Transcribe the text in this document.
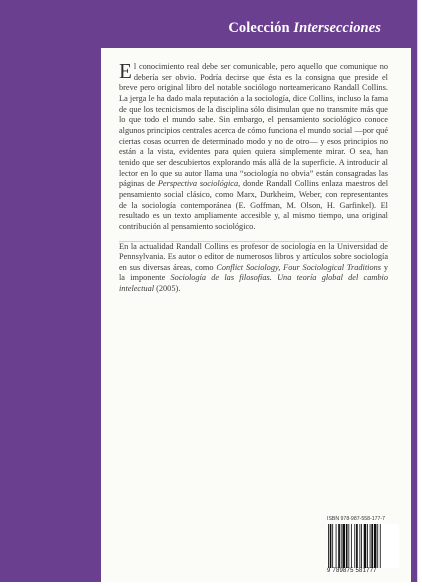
Colección Intersecciones

El conocimiento real debe ser comunicable, pero aquello que comunique no debería ser obvio. Podría decirse que ésta es la consigna que preside el breve pero original libro del notable sociólogo norteamericano Randall Collins. La jerga le ha dado mala reputación a la sociología, dice Collins, incluso la fama de que los tecnicismos de la disciplina sólo disimulan que no transmite más que lo que todo el mundo sabe. Sin embargo, el pensamiento sociológico conoce algunos principios centrales acerca de cómo funciona el mundo social —por qué ciertas cosas ocurren de determinado modo y no de otro— y esos principios no están a la vista, evidentes para quien quiera simplemente mirar. O sea, han tenido que ser descubiertos explorando más allá de la superficie. A introducir al lector en lo que su autor llama una “sociología no obvia” están consagradas las páginas de Perspectiva sociológica, donde Randall Collins enlaza maestros del pensamiento social clásico, como Marx, Durkheim, Weber, con representantes de la sociología contemporánea (E. Goffman, M. Olson, H. Garfinkel). El resultado es un texto ampliamente accesible y, al mismo tiempo, una original contribución al pensamiento sociológico.

En la actualidad Randall Collins es profesor de sociología en la Universidad de Pennsylvania. Es autor o editor de numerosos libros y artículos sobre sociología en sus diversas áreas, como Conflict Sociology, Four Sociological Traditions y la imponente Sociología de las filosofías. Una teoría global del cambio intelectual (2005).

ISBN 978-987-558-177-7
9 789875 581777
